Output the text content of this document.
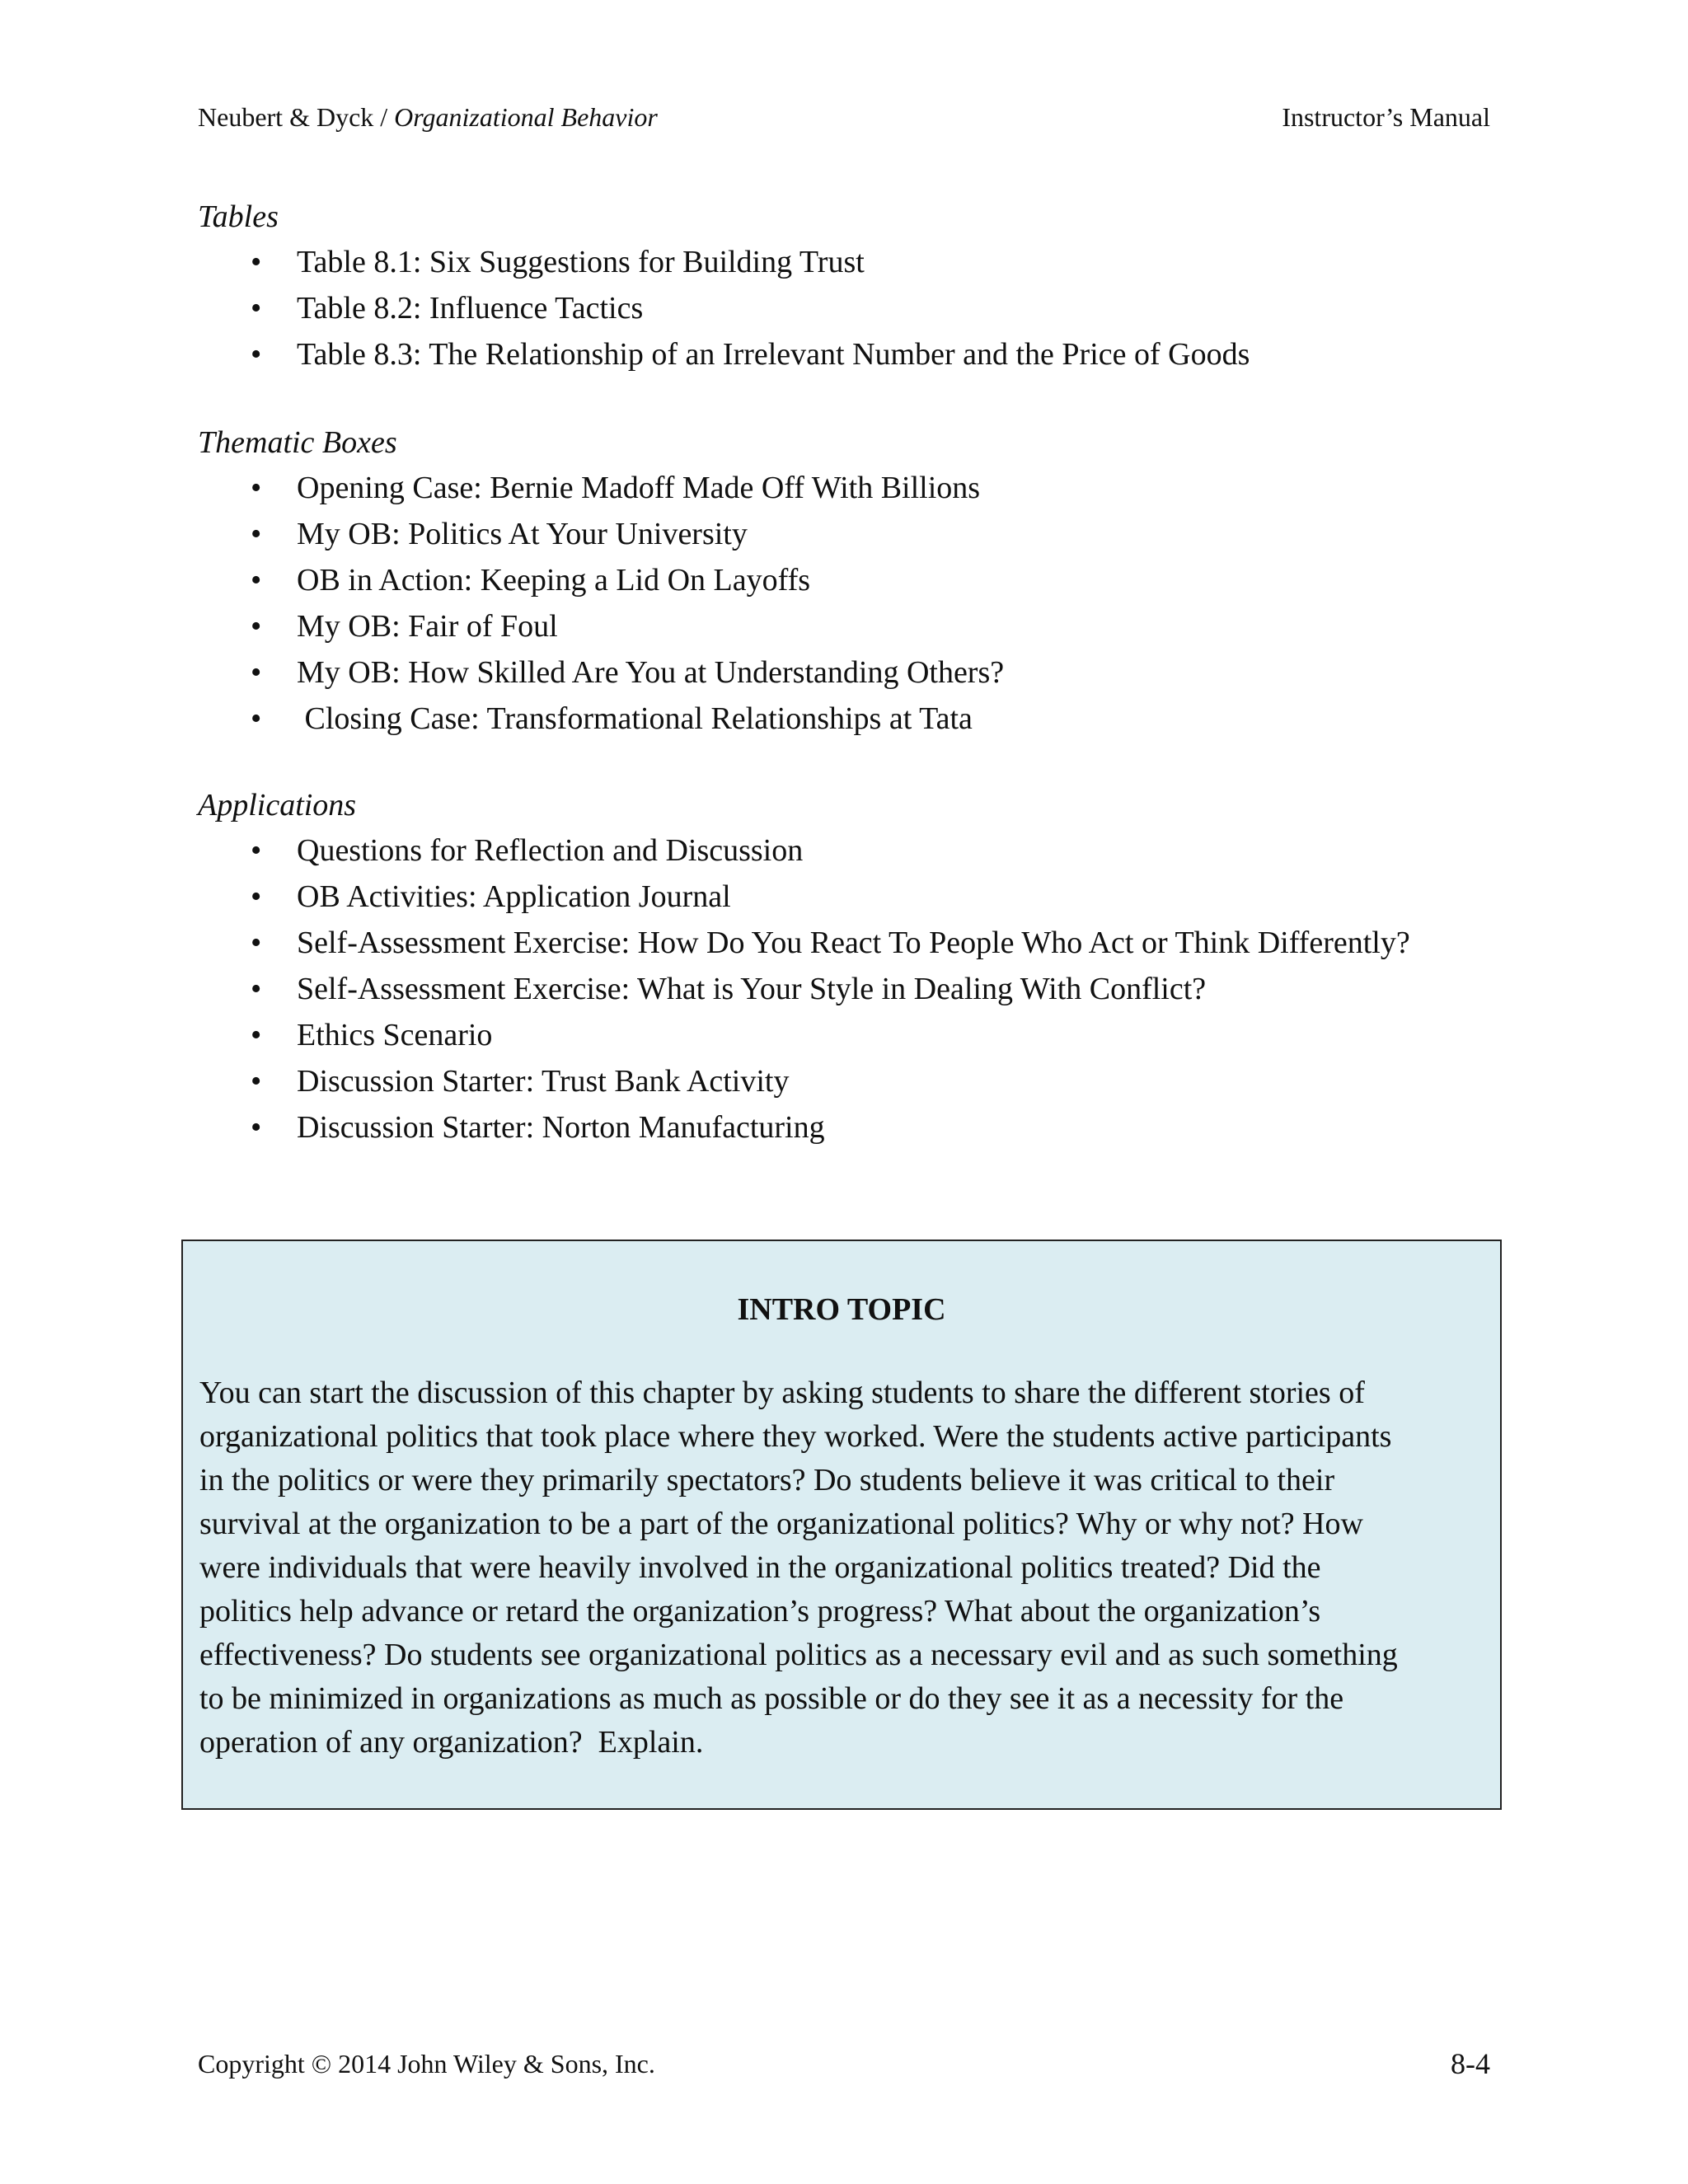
Neubert & Dyck / Organizational Behavior	Instructor’s Manual
Tables
• Table 8.1: Six Suggestions for Building Trust
• Table 8.2: Influence Tactics
• Table 8.3: The Relationship of an Irrelevant Number and the Price of Goods
Thematic Boxes
• Opening Case: Bernie Madoff Made Off With Billions
• My OB: Politics At Your University
• OB in Action: Keeping a Lid On Layoffs
• My OB: Fair of Foul
• My OB: How Skilled Are You at Understanding Others?
•  Closing Case: Transformational Relationships at Tata
Applications
• Questions for Reflection and Discussion
• OB Activities: Application Journal
• Self-Assessment Exercise: How Do You React To People Who Act or Think Differently?
• Self-Assessment Exercise: What is Your Style in Dealing With Conflict?
• Ethics Scenario
• Discussion Starter: Trust Bank Activity
• Discussion Starter: Norton Manufacturing
INTRO TOPIC
You can start the discussion of this chapter by asking students to share the different stories of
organizational politics that took place where they worked. Were the students active participants
in the politics or were they primarily spectators? Do students believe it was critical to their
survival at the organization to be a part of the organizational politics? Why or why not? How
were individuals that were heavily involved in the organizational politics treated? Did the
politics help advance or retard the organization’s progress? What about the organization’s
effectiveness? Do students see organizational politics as a necessary evil and as such something
to be minimized in organizations as much as possible or do they see it as a necessity for the
operation of any organization?  Explain.
Copyright © 2014 John Wiley & Sons, Inc.	8-4
